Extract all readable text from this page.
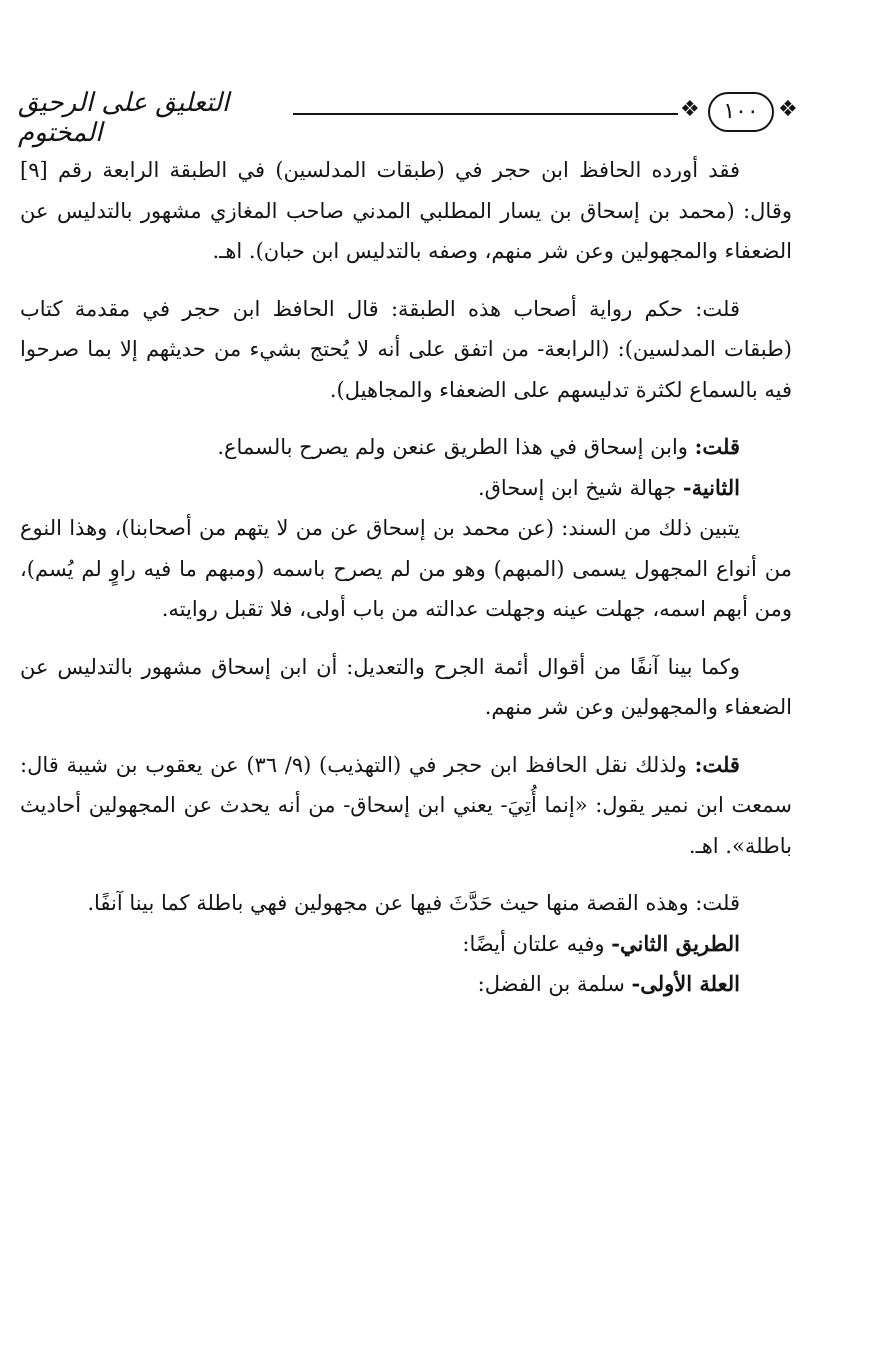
التعليق على الرحيق المختوم
❖	١٠٠ ❖

فقد أورده الحافظ ابن حجر في (طبقات المدلسين) في الطبقة الرابعة رقم [٩] وقال: (محمد بن إسحاق بن يسار المطلبي المدني صاحب المغازي مشهور بالتدليس عن الضعفاء والمجهولين وعن شر منهم، وصفه بالتدليس ابن حبان). اهـ.

قلت: حكم رواية أصحاب هذه الطبقة: قال الحافظ ابن حجر في مقدمة كتاب (طبقات المدلسين): (الرابعة- من اتفق على أنه لا يُحتج بشيء من حديثهم إلا بما صرحوا فيه بالسماع لكثرة تدليسهم على الضعفاء والمجاهيل).

قلت: وابن إسحاق في هذا الطريق عنعن ولم يصرح بالسماع.

الثانية- جهالة شيخ ابن إسحاق.

يتبين ذلك من السند: (عن محمد بن إسحاق عن من لا يتهم من أصحابنا)، وهذا النوع من أنواع المجهول يسمى (المبهم) وهو من لم يصرح باسمه (ومبهم ما فيه راوٍ لم يُسم)، ومن أبهم اسمه، جهلت عينه وجهلت عدالته من باب أولى، فلا تقبل روايته.

وكما بينا آنفًا من أقوال أئمة الجرح والتعديل: أن ابن إسحاق مشهور بالتدليس عن الضعفاء والمجهولين وعن شر منهم.

قلت: ولذلك نقل الحافظ ابن حجر في (التهذيب) (٩/ ٣٦) عن يعقوب بن شيبة قال: سمعت ابن نمير يقول: «إنما أُتِيَ- يعني ابن إسحاق- من أنه يحدث عن المجهولين أحاديث باطلة». اهـ.

قلت: وهذه القصة منها حيث حَدَّثَ فيها عن مجهولين فهي باطلة كما بينا آنفًا.

الطريق الثاني- وفيه علتان أيضًا:

العلة الأولى- سلمة بن الفضل:
